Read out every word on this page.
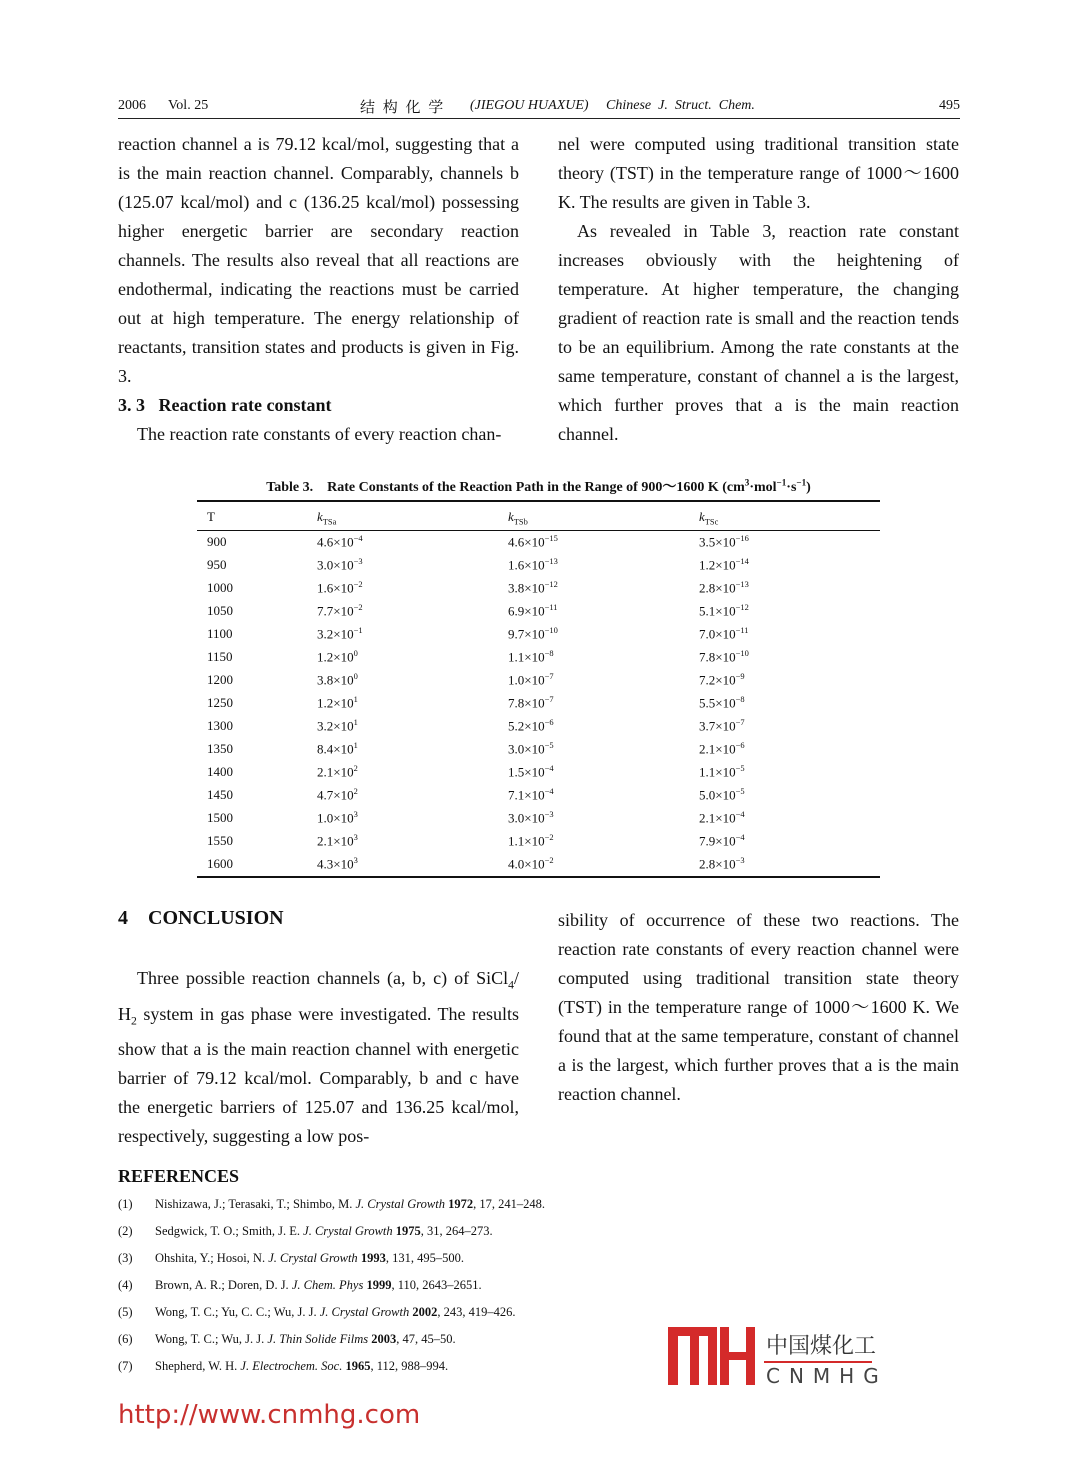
2006 Vol. 25	结 构 化 学 (JIEGOU HUAXUE) Chinese  J.  Struct.  Chem.	495

reaction channel a is 79.12 kcal/mol, suggesting that a is the main reaction channel. Comparably, channels b (125.07 kcal/mol) and c (136.25 kcal/mol) possessing higher energetic barrier are secondary reaction channels. The results also reveal that all reactions are endothermal, indicating the reactions must be carried out at high temperature. The energy relationship of reactants, transition states and products is given in Fig. 3.

3. 3   Reaction rate constant

The reaction rate constants of every reaction chan-

nel were computed using traditional transition state theory (TST) in the temperature range of 1000～1600 K. The results are given in Table 3.

As revealed in Table 3, reaction rate constant increases obviously with the heightening of temperature. At higher temperature, the changing gradient of reaction rate is small and the reaction tends to be an equilibrium. Among the rate constants at the same temperature, constant of channel a is the largest, which further proves that a is the main reaction channel.

Table 3.    Rate Constants of the Reaction Path in the Range of 900～1600 K $(cm^3\cdot mol^{-1}\cdot s^{-1})$
T	$k_{TSa}$	$k_{TSb}$	$k_{TSc}$
900	$4.6\times 10^{-4}$	$4.6\times 10^{-15}$	$3.5\times 10^{-16}$
950	$3.0\times 10^{-3}$	$1.6\times 10^{-13}$	$1.2\times 10^{-14}$
1000	$1.6\times 10^{-2}$	$3.8\times 10^{-12}$	$2.8\times 10^{-13}$
1050	$7.7\times 10^{-2}$	$6.9\times 10^{-11}$	$5.1\times 10^{-12}$
1100	$3.2\times 10^{-1}$	$9.7\times 10^{-10}$	$7.0\times 10^{-11}$
1150	$1.2\times 10^0$	$1.1\times 10^{-8}$	$7.8\times 10^{-10}$
1200	$3.8\times 10^0$	$1.0\times 10^{-7}$	$7.2\times 10^{-9}$
1250	$1.2\times 10^1$	$7.8\times 10^{-7}$	$5.5\times 10^{-8}$
1300	$3.2\times 10^1$	$5.2\times 10^{-6}$	$3.7\times 10^{-7}$
1350	$8.4\times 10^1$	$3.0\times 10^{-5}$	$2.1\times 10^{-6}$
1400	$2.1\times 10^2$	$1.5\times 10^{-4}$	$1.1\times 10^{-5}$
1450	$4.7\times 10^2$	$7.1\times 10^{-4}$	$5.0\times 10^{-5}$
1500	$1.0\times 10^3$	$3.0\times 10^{-3}$	$2.1\times 10^{-4}$
1550	$2.1\times 10^3$	$1.1\times 10^{-2}$	$7.9\times 10^{-4}$
1600	$4.3\times 10^3$	$4.0\times 10^{-2}$	$2.8\times 10^{-3}$
4    CONCLUSION

Three possible reaction channels (a, b, c) of SiCl$_4$/ $H_2$ system in gas phase were investigated. The results show that a is the main reaction channel with energetic barrier of 79.12 kcal/mol. Comparably, b and c have the energetic barriers of 125.07 and 136.25 kcal/mol, respectively, suggesting a low pos-

sibility of occurrence of these two reactions. The reaction rate constants of every reaction channel were computed using traditional transition state theory (TST) in the temperature range of 1000～1600 K. We found that at the same temperature, constant of channel a is the largest, which further proves that a is the main reaction channel.

REFERENCES
(1)	Nishizawa, J.; Terasaki, T.; Shimbo, M. J. Crystal Growth 1972, 17, 241–248.
(2)	Sedgwick, T. O.; Smith, J. E. J. Crystal Growth 1975, 31, 264–273.
(3)	Ohshita, Y.; Hosoi, N. J. Crystal Growth 1993, 131, 495–500.
(4)	Brown, A. R.; Doren, D. J. J. Chem. Phys 1999, 110, 2643–2651.
(5)	Wong, T. C.; Yu, C. C.; Wu, J. J. J. Crystal Growth 2002, 243, 419–426.
(6)	Wong, T. C.; Wu, J. J. J. Thin Solide Films 2003, 47, 45–50.
(7)	Shepherd, W. H. J. Electrochem. Soc. 1965, 112, 988–994.
http://www.cnmhg.com
中国煤化工
CNMHG
